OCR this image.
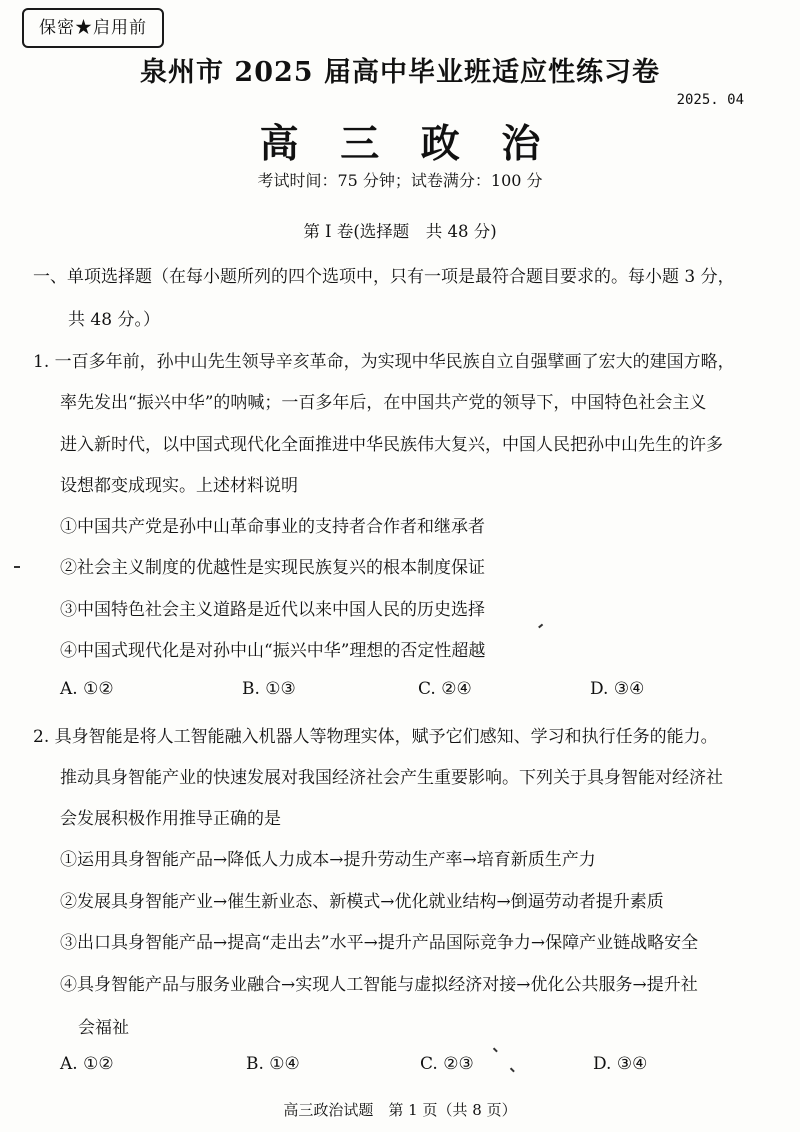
保密★启用前
泉州市 2025 届高中毕业班适应性练习卷
2025. 04
高 三 政 治
考试时间：75 分钟；试卷满分：100 分
第 I 卷(选择题　共 48 分)
一、单项选择题（在每小题所列的四个选项中，只有一项是最符合题目要求的。每小题 3 分，
共 48 分。）
1. 一百多年前，孙中山先生领导辛亥革命，为实现中华民族自立自强擘画了宏大的建国方略，
率先发出“振兴中华”的呐喊；一百多年后，在中国共产党的领导下，中国特色社会主义
进入新时代，以中国式现代化全面推进中华民族伟大复兴，中国人民把孙中山先生的许多
设想都变成现实。上述材料说明
①中国共产党是孙中山革命事业的支持者合作者和继承者
②社会主义制度的优越性是实现民族复兴的根本制度保证
③中国特色社会主义道路是近代以来中国人民的历史选择
④中国式现代化是对孙中山“振兴中华”理想的否定性超越
A. ①②	B. ①③	C. ②④	D. ③④
2. 具身智能是将人工智能融入机器人等物理实体，赋予它们感知、学习和执行任务的能力。
推动具身智能产业的快速发展对我国经济社会产生重要影响。下列关于具身智能对经济社
会发展积极作用推导正确的是
①运用具身智能产品→降低人力成本→提升劳动生产率→培育新质生产力
②发展具身智能产业→催生新业态、新模式→优化就业结构→倒逼劳动者提升素质
③出口具身智能产品→提高“走出去”水平→提升产品国际竞争力→保障产业链战略安全
④具身智能产品与服务业融合→实现人工智能与虚拟经济对接→优化公共服务→提升社
会福祉
A. ①②	B. ①④	C. ②③	D. ③④
高三政治试题　第 1 页（共 8 页）
